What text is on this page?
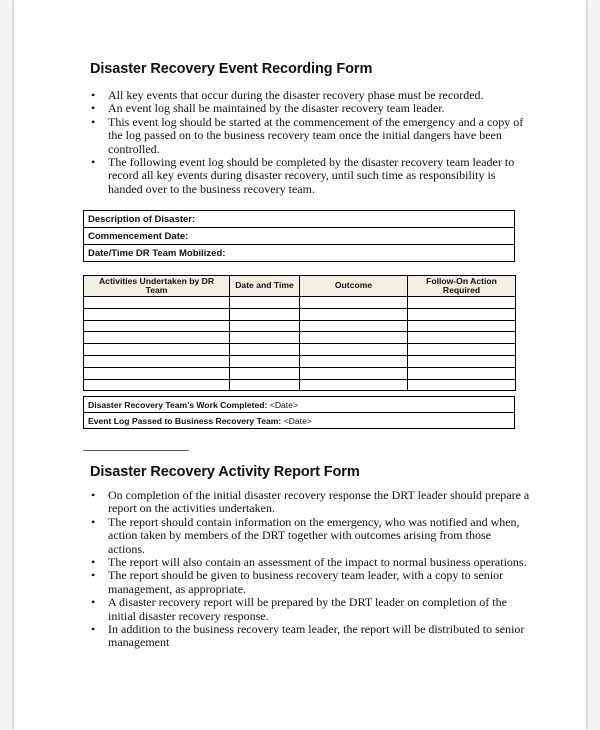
Disaster Recovery Event Recording Form
• All key events that occur during the disaster recovery phase must be recorded.
• An event log shall be maintained by the disaster recovery team leader.
• This event log should be started at the commencement of the emergency and a copy of the log passed on to the business recovery team once the initial dangers have been controlled.
• The following event log should be completed by the disaster recovery team leader to record all key events during disaster recovery, until such time as responsibility is handed over to the business recovery team.
Description of Disaster:
Commencement Date:
Date/Time DR Team Mobilized:
Activities Undertaken by DR Team	Date and Time	Outcome	Follow-On Action Required

Disaster Recovery Team's Work Completed: <Date>
Event Log Passed to Business Recovery Team: <Date>
Disaster Recovery Activity Report Form
• On completion of the initial disaster recovery response the DRT leader should prepare a report on the activities undertaken.
• The report should contain information on the emergency, who was notified and when, action taken by members of the DRT together with outcomes arising from those actions.
• The report will also contain an assessment of the impact to normal business operations.
• The report should be given to business recovery team leader, with a copy to senior management, as appropriate.
• A disaster recovery report will be prepared by the DRT leader on completion of the initial disaster recovery response.
• In addition to the business recovery team leader, the report will be distributed to senior management
